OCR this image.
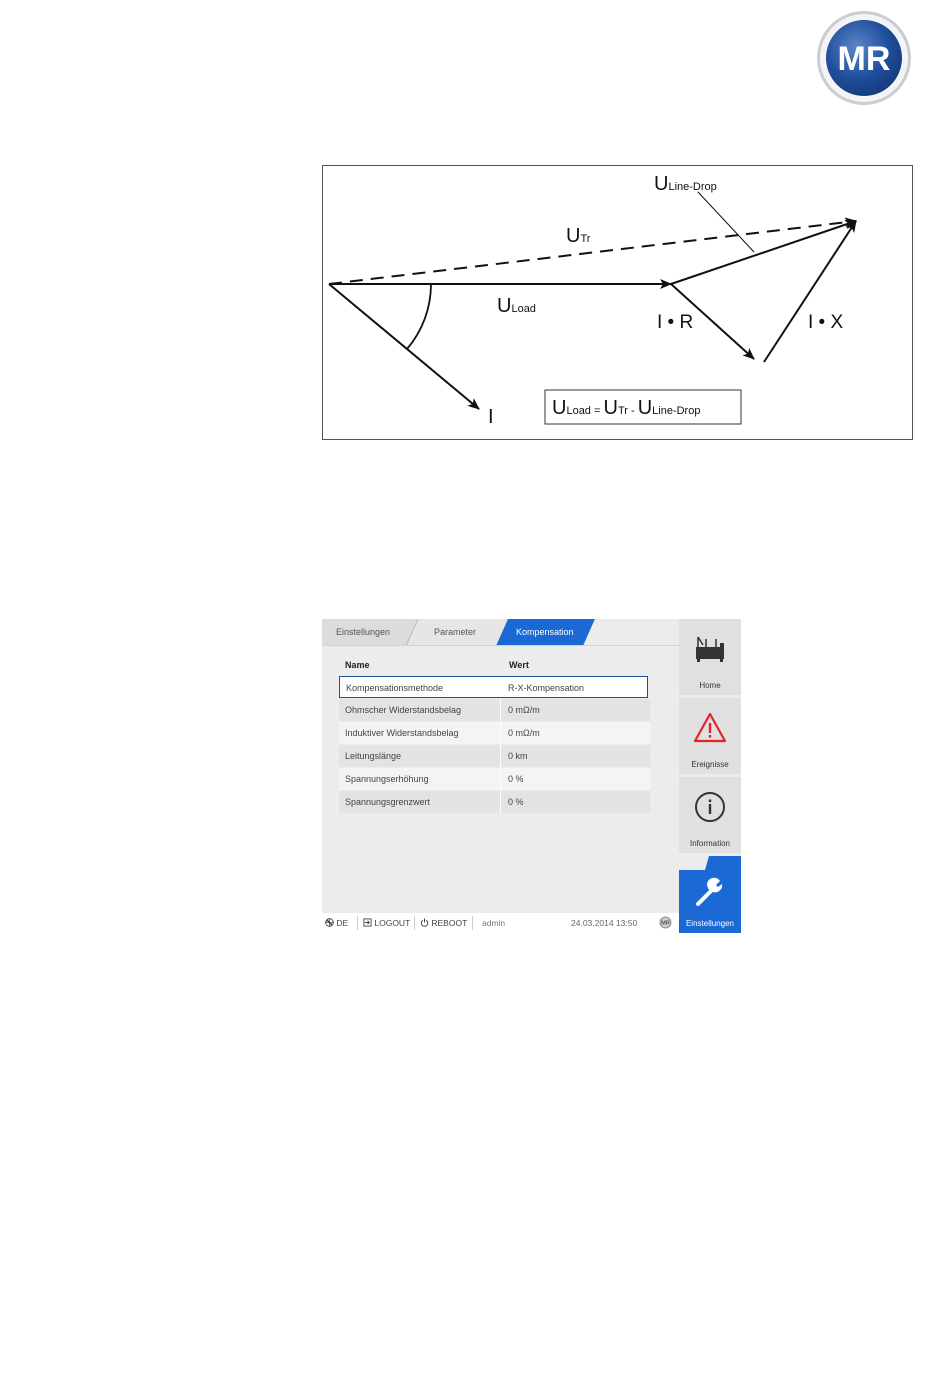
MR
ULine-Drop
UTr
ULoad
I • R	I • X
I	ULoad = UTr - ULine-Drop
Einstellungen	Parameter	Kompensation
Name	Wert
Kompensationsmethode	R-X-Kompensation
Ohmscher Widerstandsbelag	0 mΩ/m
Induktiver Widerstandsbelag	0 mΩ/m
Leitungslänge	0 km
Spannungserhöhung	0 %
Spannungsgrenzwert	0 %
Home
Ereignisse
Information
Einstellungen
DE	LOGOUT	REBOOT admin	24.03.2014 13:50	MR
